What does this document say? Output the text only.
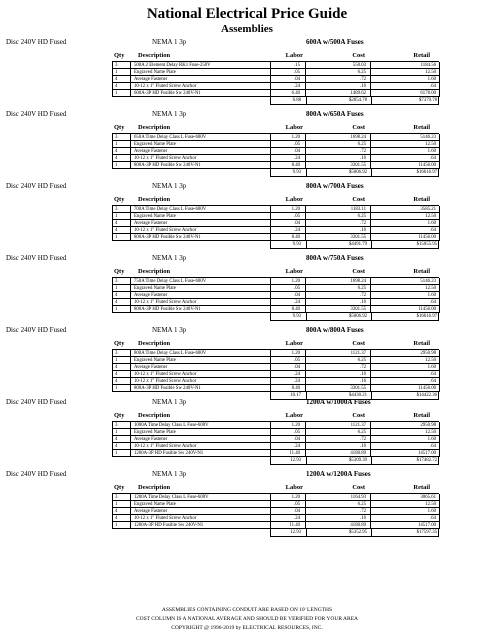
National Electrical Price Guide
Assemblies
Disc 240V HD Fused	NEMA 1 3p	600A w/500A Fuses
Qty Description	Labor	Cost	Retail
3	500A 2 Element Delay RK1 Fuse-250V	.15	550.03	1184.56
1	Engraved Name Plate	.05	6.25	12.50
4	Average Fastener	.04	.72	1.60
4	10-12 x 1" Fluted Screw Anchor	.24	.16	.64
1	600A-3P HD Fusible Sw 240V-N1	6.40	1489.62	6178.00
6.88	$2054.78	$7379.78
Disc 240V HD Fused	NEMA 1 3p	800A w/650A Fuses
Qty Description	Labor	Cost	Retail
3	650A Time Delay Class L Fuse-600V	1.20	1698.24	5146.23
1	Engraved Name Plate	.05	6.25	12.50
4	Average Fastener	.04	.72	1.60
4	10-12 x 1" Fluted Screw Anchor	.24	.16	.64
1	800A-3P HD Fusible Sw 240V-N1	8.40	3301.55	11456.00
9.93	$5006.92	$16616.97
Disc 240V HD Fused	NEMA 1 3p	800A w/700A Fuses
Qty Description	Labor	Cost	Retail
3	700A Time Delay Class L Fuse-600V	1.20	1183.11	3585.21
1	Engraved Name Plate	.05	6.25	12.50
4	Average Fastener	.04	.72	1.60
4	10-12 x 1" Fluted Screw Anchor	.24	.16	.64
1	800A-3P HD Fusible Sw 240V-N1	8.40	3301.55	11456.00
9.93	$4491.79	$15055.95
Disc 240V HD Fused	NEMA 1 3p	800A w/750A Fuses
Qty Description	Labor	Cost	Retail
3	750A Time Delay Class L Fuse-600V	1.20	1698.24	5146.23
1	Engraved Name Plate	.05	6.25	12.50
4	Average Fastener	.04	.72	1.60
4	10-12 x 1" Fluted Screw Anchor	.24	.16	.64
1	800A-3P HD Fusible Sw 240V-N1	8.40	3301.55	11456.00
9.93	$5006.92	$16616.97
Disc 240V HD Fused	NEMA 1 3p	800A w/800A Fuses
Qty Description	Labor	Cost	Retail
3	800A Time Delay Class L Fuse-600V	1.20	1121.37	2950.98
1	Engraved Name Plate	.05	6.25	12.50
4	Average Fastener	.04	.72	1.60
4	10-12 x 1" Fluted Screw Anchor	.24	.16	.64
4	10-12 x 1" Fluted Screw Anchor	.24	.16	.64
1	800A-3P HD Fusible Sw 240V-N1	8.40	3301.55	11456.00
10.17	$4430.21	$14422.36
Disc 240V HD Fused	NEMA 1 3p	1200A w/1000A Fuses
Qty Description	Labor	Cost	Retail
3	1000A Time Delay Class L Fuse-600V	1.20	1121.37	2950.98
1	Engraved Name Plate	.05	6.25	12.50
4	Average Fastener	.04	.72	1.60
4	10-12 x 1" Fluted Screw Anchor	.24	.16	.64
1	1200A-3P HD Fusible Sw 240V-N1	11.40	4180.89	14517.00
12.93	$5309.39	$17482.72
Disc 240V HD Fused	NEMA 1 3p	1200A w/1200A Fuses
Qty Description	Labor	Cost	Retail
3	1200A Time Delay Class L Fuse-600V	1.20	1164.93	3065.61
1	Engraved Name Plate	.05	6.25	12.50
4	Average Fastener	.04	.72	1.60
4	10-12 x 1" Fluted Screw Anchor	.24	.16	.64
1	1200A-3P HD Fusible Sw 240V-N1	11.40	4180.89	14517.00
12.93	$5352.95	$17597.35
ASSEMBLIES CONTAINING CONDUIT ARE BASED ON 10' LENGTHS
COST COLUMN IS A NATIONAL AVERAGE AND SHOULD BE VERIFIED FOR YOUR AREA
COPYRIGHT @ 1996-2019 by ELECTRICAL RESOURCES, INC.
